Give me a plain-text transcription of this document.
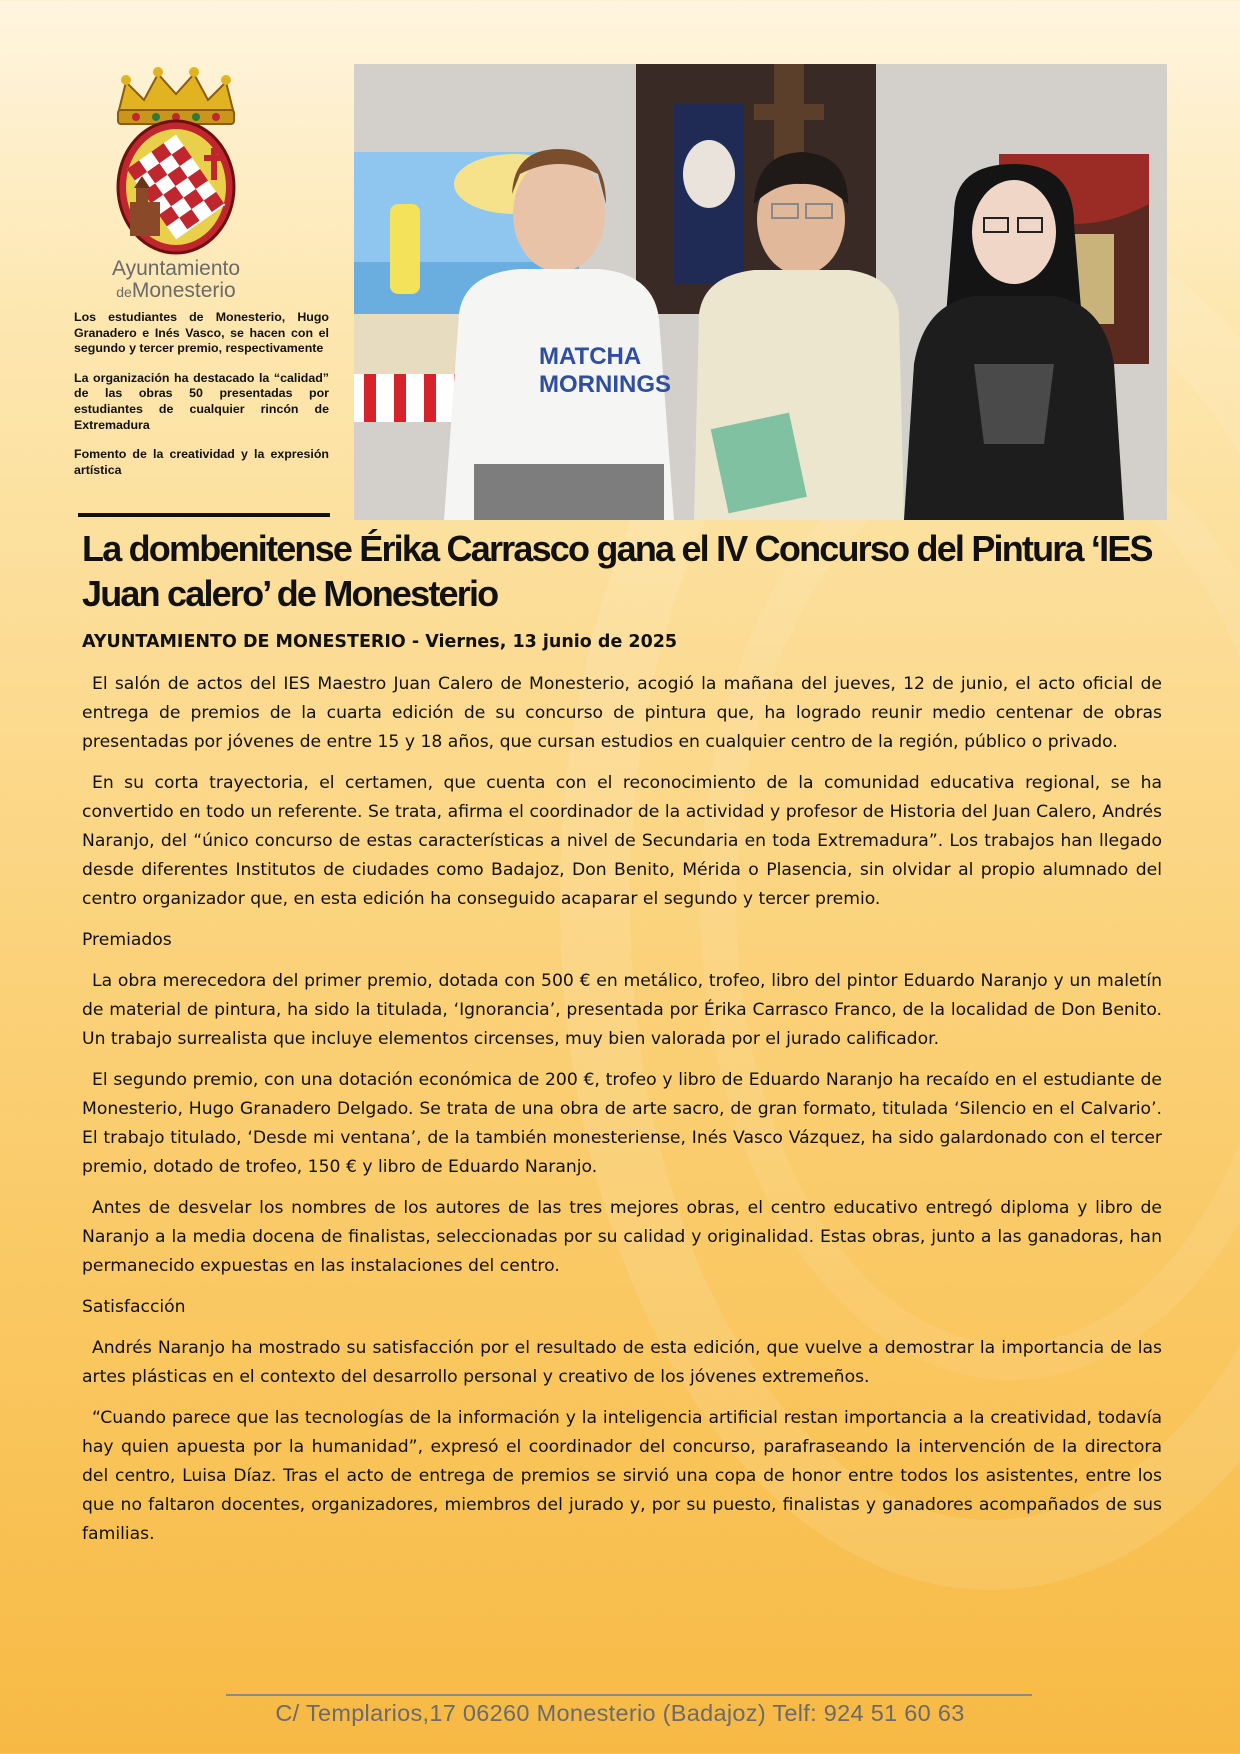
Ayuntamiento
deMonesterio

Los estudiantes de Monesterio, Hugo Granadero e Inés Vasco, se hacen con el segundo y tercer premio, respectivamente

La organización ha destacado la “calidad” de las obras 50 presentadas por estudiantes de cualquier rincón de Extremadura

Fomento de la creatividad y la expresión artística

MATCHA
MORNINGS
La dombenitense Érika Carrasco gana el IV Concurso del Pintura ‘IES Juan calero’ de Monesterio

AYUNTAMIENTO DE MONESTERIO - Viernes, 13 junio de 2025

El salón de actos del IES Maestro Juan Calero de Monesterio, acogió la mañana del jueves, 12 de junio, el acto oficial de entrega de premios de la cuarta edición de su concurso de pintura que, ha logrado reunir medio centenar de obras presentadas por jóvenes de entre 15 y 18 años, que cursan estudios en cualquier centro de la región, público o privado.

En su corta trayectoria, el certamen, que cuenta con el reconocimiento de la comunidad educativa regional, se ha convertido en todo un referente. Se trata, afirma el coordinador de la actividad y profesor de Historia del Juan Calero, Andrés Naranjo, del “único concurso de estas características a nivel de Secundaria en toda Extremadura”. Los trabajos han llegado desde diferentes Institutos de ciudades como Badajoz, Don Benito, Mérida o Plasencia, sin olvidar al propio alumnado del centro organizador que, en esta edición ha conseguido acaparar el segundo y tercer premio.

Premiados

La obra merecedora del primer premio, dotada con 500 € en metálico, trofeo, libro del pintor Eduardo Naranjo y un maletín de material de pintura, ha sido la titulada, ‘Ignorancia’, presentada por Érika Carrasco Franco, de la localidad de Don Benito. Un trabajo surrealista que incluye elementos circenses, muy bien valorada por el jurado calificador.

El segundo premio, con una dotación económica de 200 €, trofeo y libro de Eduardo Naranjo ha recaído en el estudiante de Monesterio, Hugo Granadero Delgado. Se trata de una obra de arte sacro, de gran formato, titulada ‘Silencio en el Calvario’. El trabajo titulado, ‘Desde mi ventana’, de la también monesteriense, Inés Vasco Vázquez, ha sido galardonado con el tercer premio, dotado de trofeo, 150 € y libro de Eduardo Naranjo.

Antes de desvelar los nombres de los autores de las tres mejores obras, el centro educativo entregó diploma y libro de Naranjo a la media docena de finalistas, seleccionadas por su calidad y originalidad. Estas obras, junto a las ganadoras, han permanecido expuestas en las instalaciones del centro.

Satisfacción

Andrés Naranjo ha mostrado su satisfacción por el resultado de esta edición, que vuelve a demostrar la importancia de las artes plásticas en el contexto del desarrollo personal y creativo de los jóvenes extremeños.

“Cuando parece que las tecnologías de la información y la inteligencia artificial restan importancia a la creatividad, todavía hay quien apuesta por la humanidad”, expresó el coordinador del concurso, parafraseando la intervención de la directora del centro, Luisa Díaz. Tras el acto de entrega de premios se sirvió una copa de honor entre todos los asistentes, entre los que no faltaron docentes, organizadores, miembros del jurado y, por su puesto, finalistas y ganadores acompañados de sus familias.

C/ Templarios,17 06260 Monesterio (Badajoz) Telf: 924 51 60 63
